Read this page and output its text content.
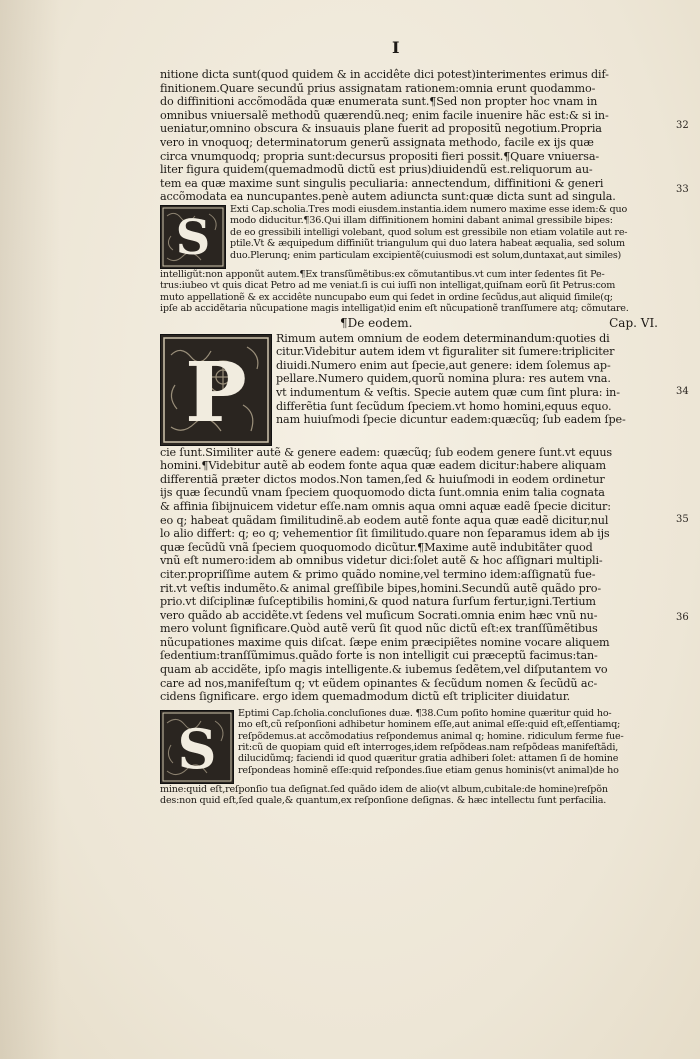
I
32
33
34
35
36
nitione dicta sunt(quod quidem & in accidête dici potest)interimentes erimus dif-
finitionem.Quare secundű prius assignatam rationem:omnia erunt quodammo-
do diffinitioni accõmodãda quæ enumerata sunt.¶Sed non propter hoc vnam in
omnibus vniuersalẽ methodũ quærendũ.neq; enim facile inuenire hãc est:& si in-
ueniatur,omnino obscura & insuauis plane fuerit ad propositũ negotium.Propria
vero in vnoquoq; determinatorum generũ assignata methodo, facile ex ijs quæ
circa vnumquodq; propria sunt:decursus propositi fieri possit.¶Quare vniuersa-
liter figura quidem(quemadmodũ dictũ est prius)diuidendũ est.reliquorum au-
tem ea quæ maxime sunt singulis peculiaria: annectendum, diffinitioni & generi
accõmodata ea nuncupantes.penè autem adiuncta sunt:quæ dicta sunt ad singula.
S
Exti Cap.scholia.Tres modi eiusdem.instantia.idem numero maxime esse idem:& quo
modo diducitur.¶36.Qui illam diffinitionem homini dabant animal gressibile bipes:
de eo gressibili intelligi volebant, quod solum est gressibile non etiam volatile aut re-
ptile.Vt & æquipedum diffiniũt triangulum qui duo latera habeat æqualia, sed solum
duo.Plerunq; enim particulam excipientẽ(cuiusmodi est solum,duntaxat,aut similes)
intelligũt:non apponũt autem.¶Ex transſũmẽtibus:ex cõmutantibus.vt cum inter ſedentes ſit Pe-
trus:iubeo vt quis dicat Petro ad me veniat.ſi is cui iuſſi non intelligat,quiſnam eorũ ſit Petrus:com
muto appellationẽ & ex accidête nuncupabo eum qui ſedet in ordine ſecũdus,aut aliquid ſimile(q;
ipſe ab accidẽtaria nũcupatione magis intelligat)id enim eſt nũcupationẽ tranſſumere atq; cõmutare.
¶De eodem.	Cap. VI.
P
Rimum autem omnium de eodem determinandum:quoties di
citur.Videbitur autem idem vt figuraliter sit ſumere:tripliciter
diuidi.Numero enim aut ſpecie,aut genere: idem ſolemus ap-
pellare.Numero quidem,quorũ nomina plura: res autem vna.
vt indumentum & veſtis. Specie autem quæ cum ſint plura: in-
differẽtia ſunt ſecũdum ſpeciem.vt homo homini,equus equo.
nam huiuſmodi ſpecie dicuntur eadem:quæcũq; ſub eadem ſpe-
cie ſunt.Similiter autẽ & genere eadem: quæcũq; ſub eodem genere ſunt.vt equus
homini.¶Videbitur autẽ ab eodem fonte aqua quæ eadem dicitur:habere aliquam
differentiã præter dictos modos.Non tamen,ſed & huiuſmodi in eodem ordinetur
ijs quæ ſecundũ vnam ſpeciem quoquomodo dicta ſunt.omnia enim talia cognata
& affinia ſibijnuicem videtur eſſe.nam omnis aqua omni aquæ eadẽ ſpecie dicitur:
eo q; habeat quãdam ſimilitudinẽ.ab eodem autẽ fonte aqua quæ eadẽ dicitur,nul
lo alio differt: q; eo q; vehementior ſit ſimilitudo.quare non ſeparamus idem ab ijs
quæ ſecũdũ vnã ſpeciem quoquomodo dicũtur.¶Maxime autẽ indubitãter quod
vnũ eſt numero:idem ab omnibus videtur dici:ſolet autẽ & hoc aſſignari multipli-
citer.propriſſime autem & primo quãdo nomine,vel termino idem:aſſignatũ fue-
rit.vt veſtis indumẽto.& animal greſſibile bipes,homini.Secundũ autẽ quãdo pro-
prio.vt diſciplinæ ſuſceptibilis homini,& quod natura ſurſum fertur,igni.Tertium
vero quãdo ab accidẽte.vt ſedens vel muſicum Socrati.omnia enim hæc vnũ nu-
mero volunt ſignificare.Quòd autẽ verũ ſit quod nũc dictũ eſt:ex tranſſũmẽtibus
nũcupationes maxime quis diſcat. ſæpe enim præcipiẽtes nomine vocare aliquem
ſedentium:tranſſũmimus.quãdo forte is non intelligit cui præceptũ facimus:tan-
quam ab accidẽte, ipſo magis intelligente.& iubemus ſedẽtem,vel diſputantem vo
care ad nos,manifeſtum q; vt eũdem opinantes & ſecũdum nomen & ſecũdũ ac-
cidens ſignificare. ergo idem quemadmodum dictũ eſt tripliciter diuidatur.
S
Eptimi Cap.ſcholia.concluſiones duæ. ¶38.Cum poſito homine quæritur quid ho-
mo eſt,cũ reſponſioni adhibetur hominem eſſe,aut animal eſſe:quid eſt,eſſentiamq;
reſpõdemus.at accõmodatius reſpondemus animal q; homine. ridiculum ferme fue-
rit:cũ de quopiam quid eſt interroges,idem reſpõdeas.nam reſpõdeas manifeſtãdi,
dilucidũmq; faciendi id quod quæritur gratia adhiberi ſolet: attamen ſi de homine
reſpondeas hominẽ eſſe:quid reſpondes.ſiue etiam genus hominis(vt animal)de ho
mine:quid eſt,reſponſio tua deſignat.ſed quãdo idem de alio(vt album,cubitale:de homine)reſpõn
des:non quid eſt,ſed quale,& quantum,ex reſponſione deſignas. & hæc intellectu ſunt perfacilia.
